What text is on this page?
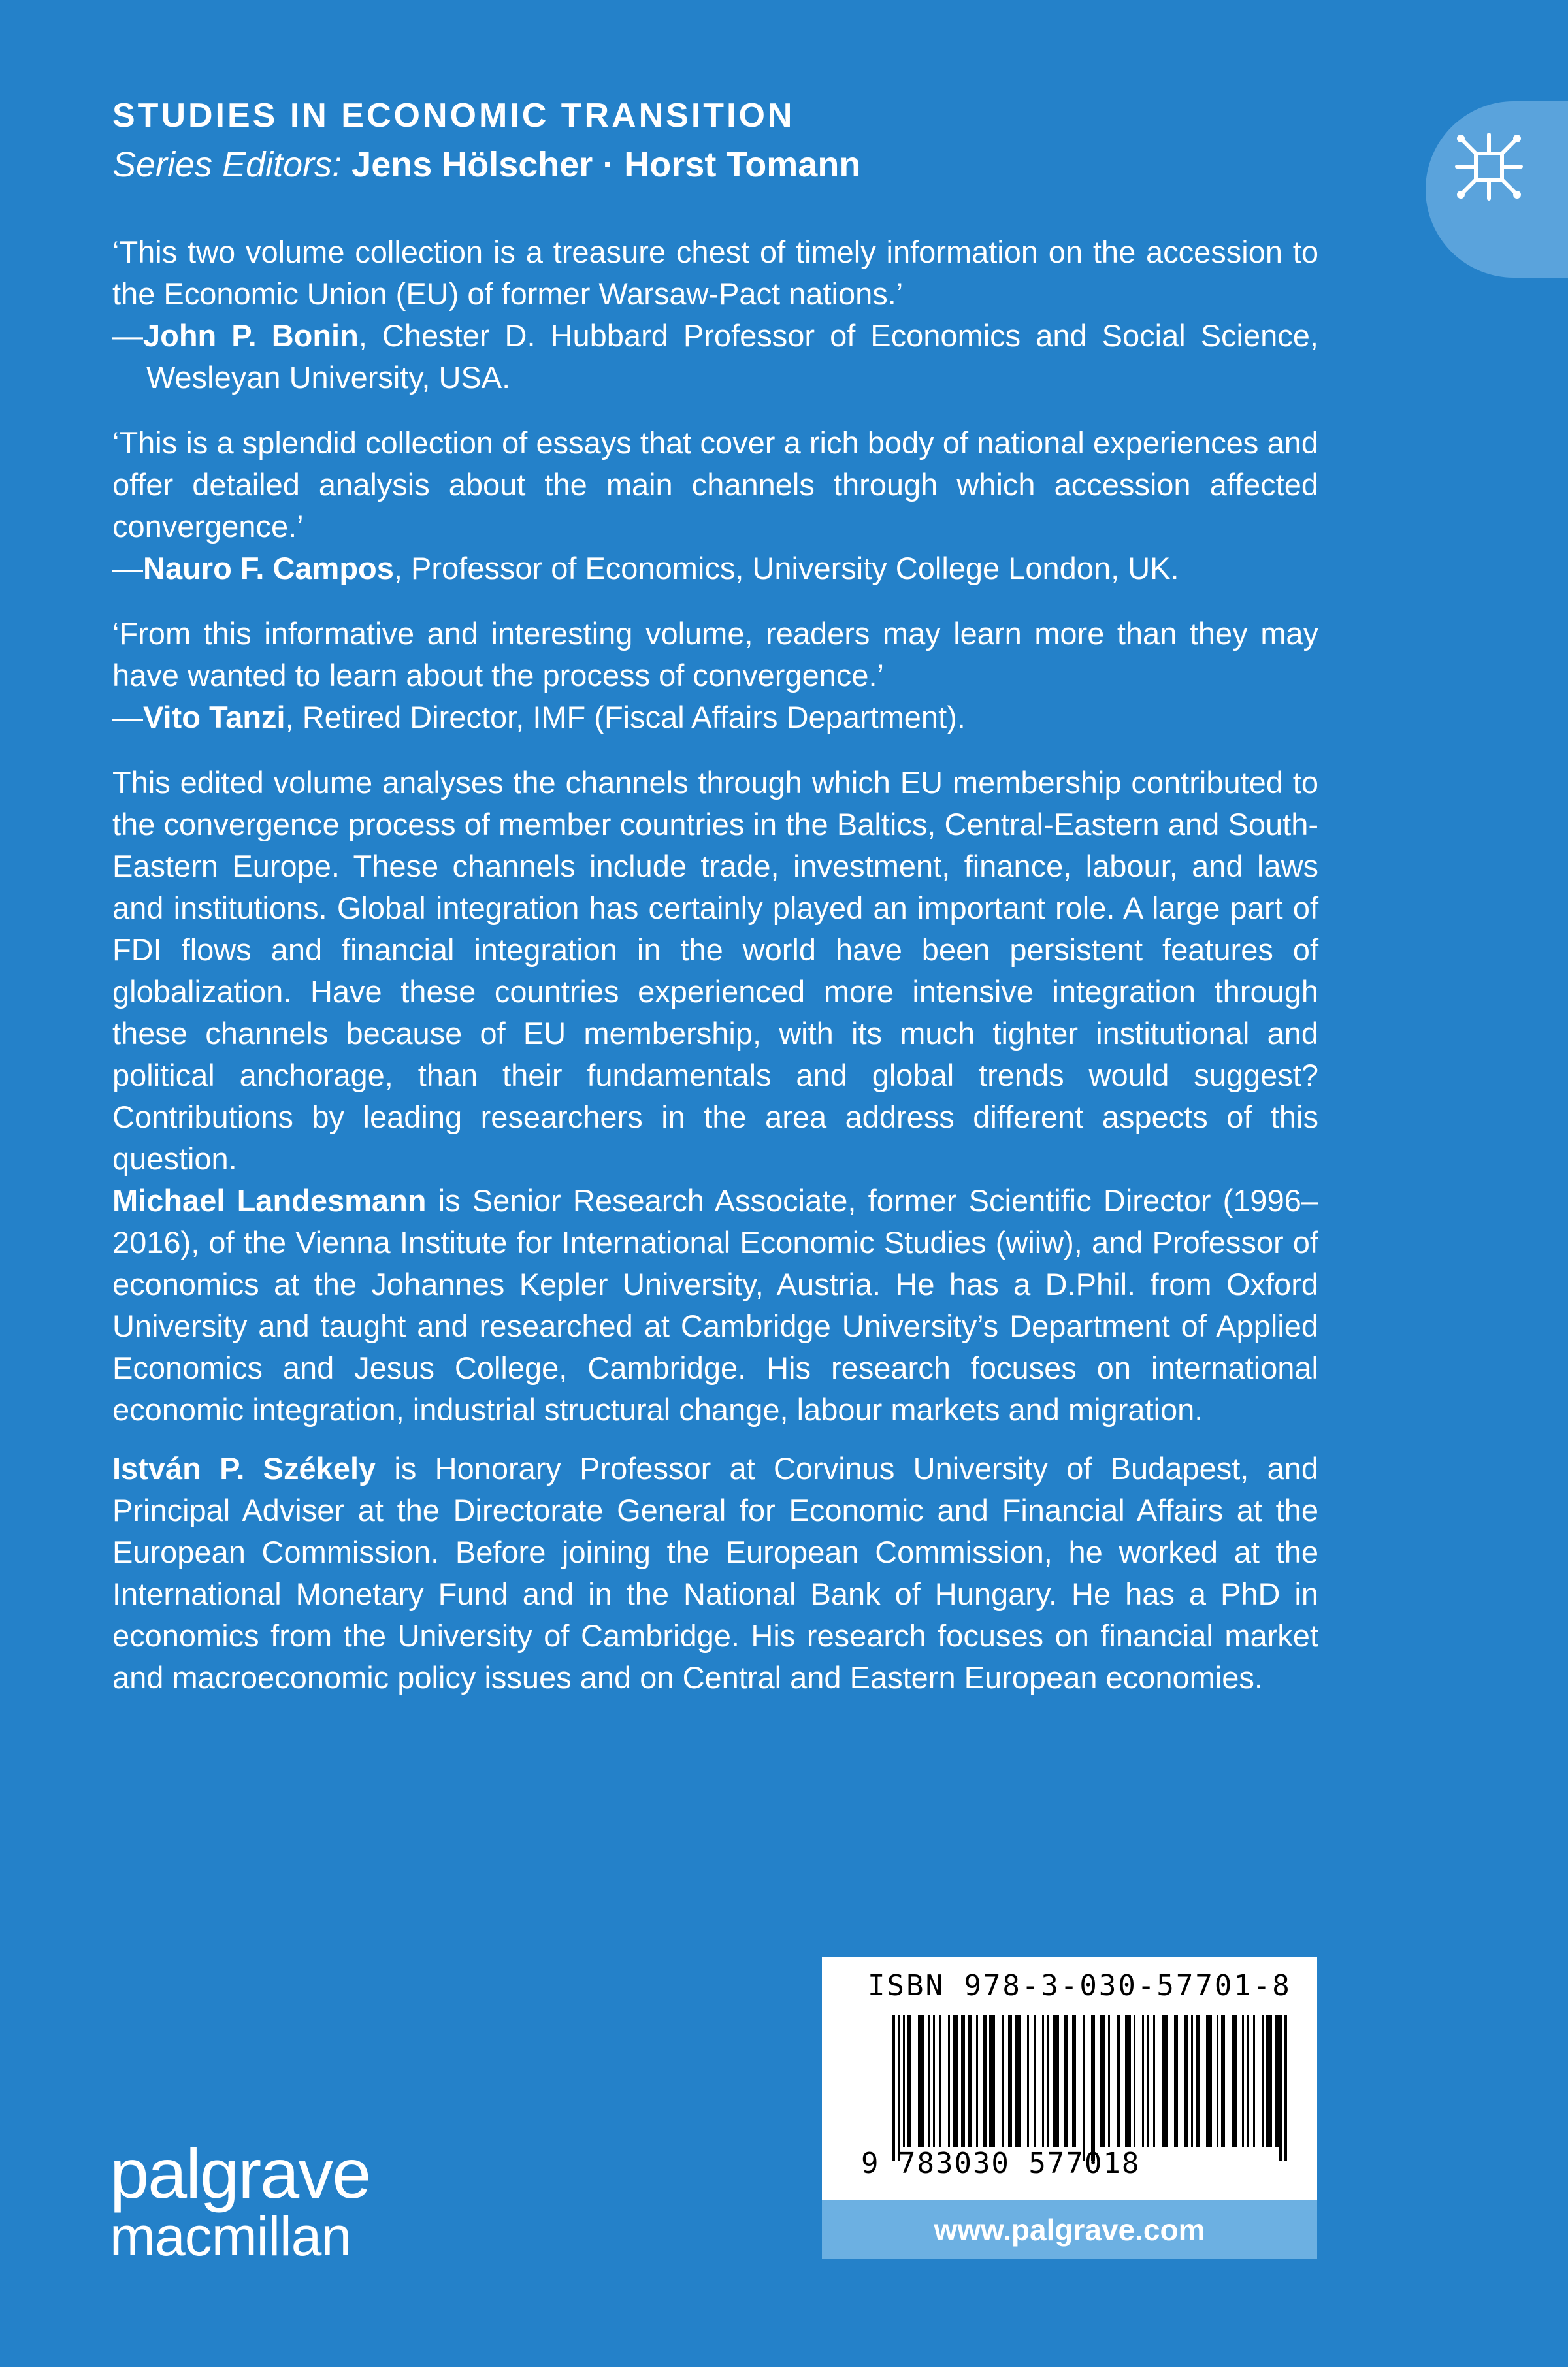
STUDIES IN ECONOMIC TRANSITION
Series Editors: Jens Hölscher · Horst Tomann

‘This two volume collection is a treasure chest of timely information on the accession to the Economic Union (EU) of former Warsaw-Pact nations.’

—John P. Bonin, Chester D. Hubbard Professor of Economics and Social Science, Wesleyan University, USA.

‘This is a splendid collection of essays that cover a rich body of national experiences and offer detailed analysis about the main channels through which accession affected convergence.’

—Nauro F. Campos, Professor of Economics, University College London, UK.

‘From this informative and interesting volume, readers may learn more than they may have wanted to learn about the process of convergence.’

—Vito Tanzi, Retired Director, IMF (Fiscal Affairs Department).

This edited volume analyses the channels through which EU membership contributed to the convergence process of member countries in the Baltics, Central-Eastern and South-Eastern Europe. These channels include trade, investment, finance, labour, and laws and institutions. Global integration has certainly played an important role. A large part of FDI flows and financial integration in the world have been persistent features of globalization. Have these countries experienced more intensive integration through these channels because of EU membership, with its much tighter institutional and political anchorage, than their fundamentals and global trends would suggest? Contributions by leading researchers in the area address different aspects of this question.

Michael Landesmann is Senior Research Associate, former Scientific Director (1996–2016), of the Vienna Institute for International Economic Studies (wiiw), and Professor of economics at the Johannes Kepler University, Austria. He has a D.Phil. from Oxford University and taught and researched at Cambridge University’s Department of Applied Economics and Jesus College, Cambridge. His research focuses on international economic integration, industrial structural change, labour markets and migration.

István P. Székely is Honorary Professor at Corvinus University of Budapest, and Principal Adviser at the Directorate General for Economic and Financial Affairs at the European Commission. Before joining the European Commission, he worked at the International Monetary Fund and in the National Bank of Hungary. He has a PhD in economics from the University of Cambridge. His research focuses on financial market and macroeconomic policy issues and on Central and Eastern European economies.

ISBN 978-3-030-57701-8
9 783030 577018
www.palgrave.com
palgrave
macmillan
